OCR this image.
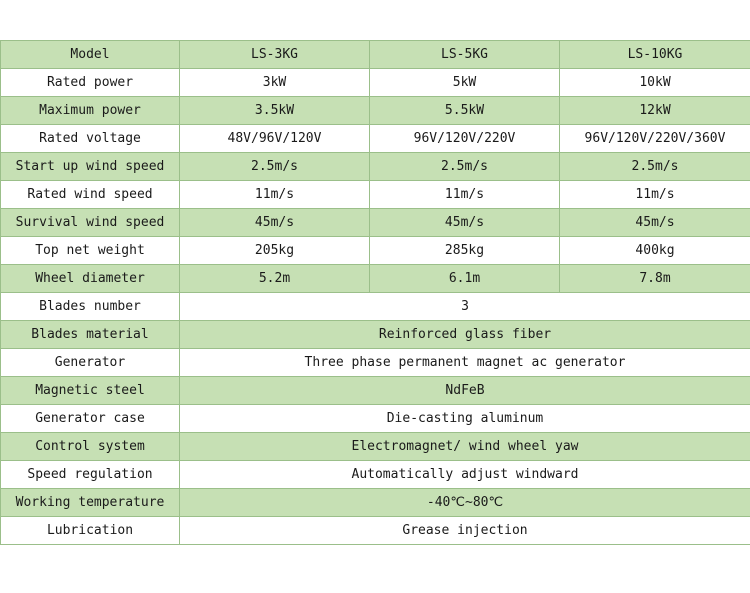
Model	LS-3KG	LS-5KG	LS-10KG
Rated power	3kW	5kW	10kW
Maximum power	3.5kW	5.5kW	12kW
Rated voltage	48V/96V/120V	96V/120V/220V	96V/120V/220V/360V
Start up wind speed	2.5m/s	2.5m/s	2.5m/s
Rated wind speed	11m/s	11m/s	11m/s
Survival wind speed	45m/s	45m/s	45m/s
Top net weight	205kg	285kg	400kg
Wheel diameter	5.2m	6.1m	7.8m
Blades number	3		
Blades material	Reinforced glass fiber		
Generator	Three phase permanent magnet ac generator		
Magnetic steel	NdFeB		
Generator case	Die-casting aluminum		
Control system	Electromagnet/ wind wheel yaw		
Speed regulation	Automatically adjust windward		
Working temperature	-40℃~80℃		
Lubrication	Grease injection		
